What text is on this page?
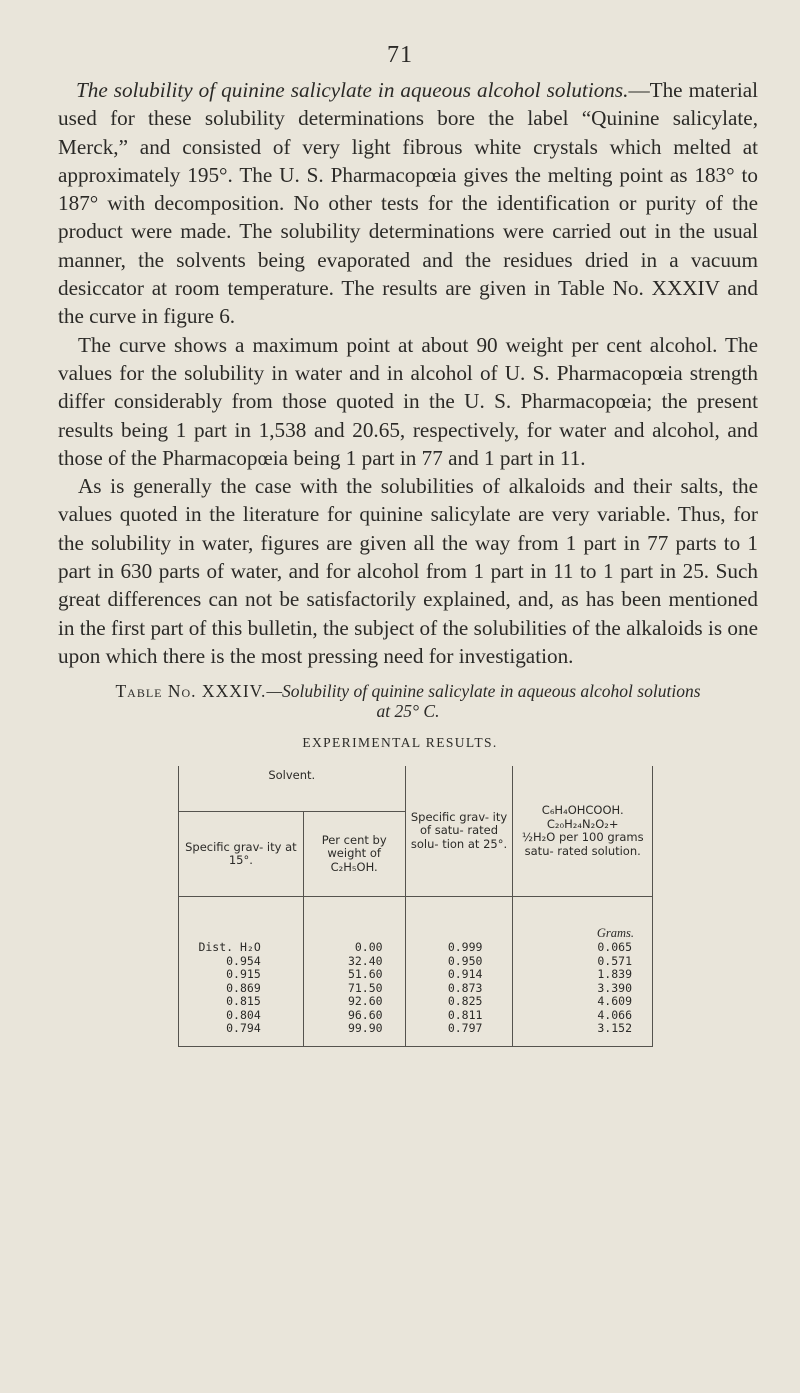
71

The solubility of quinine salicylate in aqueous alcohol solutions.—The material used for these solubility determinations bore the label “Quinine salicylate, Merck,” and consisted of very light fibrous white crystals which melted at approximately 195°. The U. S. Pharmacopœia gives the melting point as 183° to 187° with decomposition. No other tests for the identification or purity of the product were made. The solubility determinations were carried out in the usual manner, the solvents being evaporated and the residues dried in a vacuum desiccator at room temperature. The results are given in Table No. XXXIV and the curve in figure 6.

The curve shows a maximum point at about 90 weight per cent alcohol. The values for the solubility in water and in alcohol of U. S. Pharmacopœia strength differ considerably from those quoted in the U. S. Pharmacopœia; the present results being 1 part in 1,538 and 20.65, respectively, for water and alcohol, and those of the Pharmacopœia being 1 part in 77 and 1 part in 11.

As is generally the case with the solubilities of alkaloids and their salts, the values quoted in the literature for quinine salicylate are very variable. Thus, for the solubility in water, figures are given all the way from 1 part in 77 parts to 1 part in 630 parts of water, and for alcohol from 1 part in 11 to 1 part in 25. Such great differences can not be satisfactorily explained, and, as has been mentioned in the first part of this bulletin, the subject of the solubilities of the alkaloids is one upon which there is the most pressing need for investigation.

Table No. XXXIV.—Solubility of quinine salicylate in aqueous alcohol solutions
at 25° C.
EXPERIMENTAL RESULTS.
Solvent.		Specific grav- ity of satu- rated solu- tion at 25°.	C₆H₄OHCOOH.
C₂₀H₂₄N₂O₂+
½H₂O per 100 grams satu- rated solution.
Specific grav- ity at 15°.	Per cent by weight of C₂H₅OH.		
			Grams.
Dist. H₂O	0.00	0.999	0.065
0.954	32.40	0.950	0.571
0.915	51.60	0.914	1.839
0.869	71.50	0.873	3.390
0.815	92.60	0.825	4.609
0.804	96.60	0.811	4.066
0.794	99.90	0.797	3.152
